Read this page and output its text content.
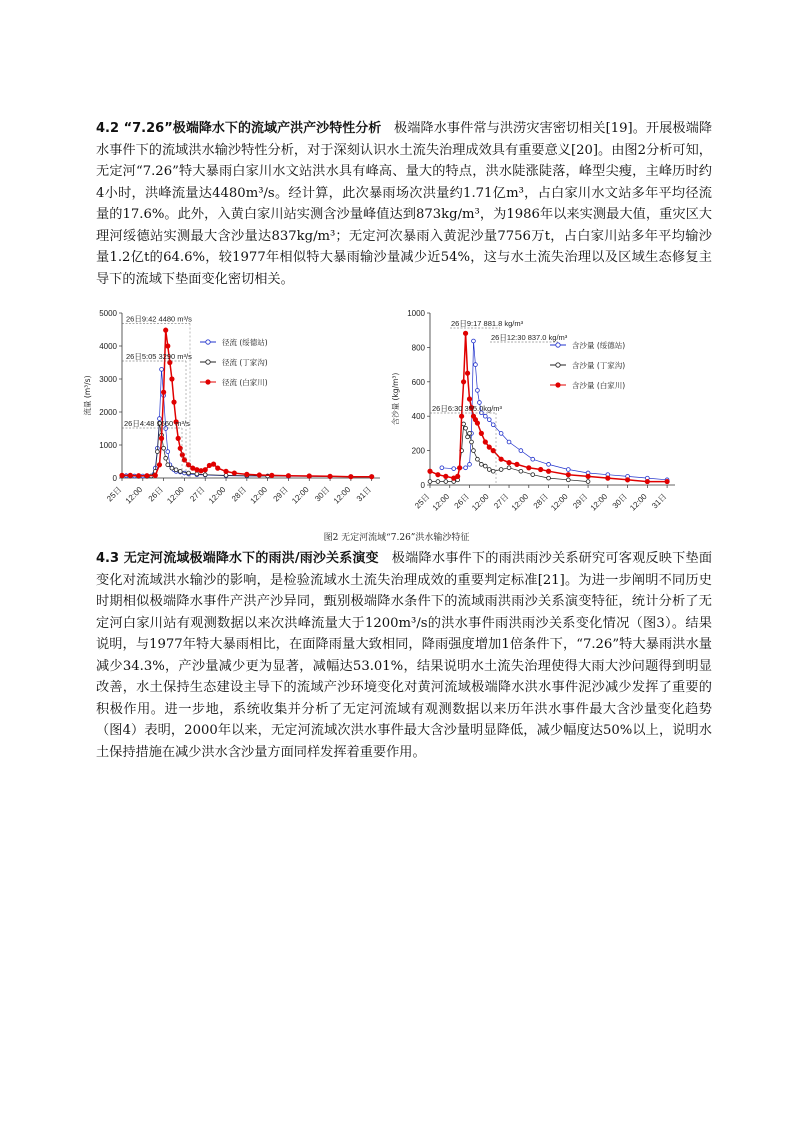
4.2 “7.26”极端降水下的流域产洪产沙特性分析 极端降水事件常与洪涝灾害密切相关[19]。开展极端降水事件下的流域洪水输沙特性分析，对于深刻认识水土流失治理成效具有重要意义[20]。由图2分析可知，无定河“7.26”特大暴雨白家川水文站洪水具有峰高、量大的特点，洪水陡涨陡落，峰型尖瘦，主峰历时约4小时，洪峰流量达4480m³/s。经计算，此次暴雨场次洪量约1.71亿m³，占白家川水文站多年平均径流量的17.6%。此外，入黄白家川站实测含沙量峰值达到873kg/m³，为1986年以来实测最大值，重灾区大理河绥德站实测最大含沙量达837kg/m³；无定河次暴雨入黄泥沙量7756万t，占白家川站多年平均输沙量1.2亿t的64.6%，较1977年相似特大暴雨输沙量减少近54%，这与水土流失治理以及区域生态修复主导下的流域下垫面变化密切相关。

0
1000
2000
3000
4000
5000
流量 (m³/s)
25日 12:00 26日 12:00 27日 12:00 28日 12:00 29日 12:00 30日 12:00 31日
径流 (绥德站)
径流 (丁家沟)
径流 (白家川)
26日9:42 4480 m³/s
26日5:05 3290 m³/s
26日4:48 1660 m³/s
0
200
400
600
800
1000
含沙量 (kg/m³)
25日 12:00 26日 12:00 27日 12:00 28日 12:00 29日 12:00 30日 12:00 31日
含沙量 (绥德站)
含沙量 (丁家沟)
含沙量 (白家川)
26日9:17 881.8 kg/m³
26日12:30 837.0 kg/m³
26日6:30 355.0kg/m³
图2 无定河流域“7.26”洪水输沙特征

4.3 无定河流域极端降水下的雨洪/雨沙关系演变 极端降水事件下的雨洪雨沙关系研究可客观反映下垫面变化对流域洪水输沙的影响，是检验流域水土流失治理成效的重要判定标准[21]。为进一步阐明不同历史时期相似极端降水事件产洪产沙异同，甄别极端降水条件下的流域雨洪雨沙关系演变特征，统计分析了无定河白家川站有观测数据以来次洪峰流量大于1200m³/s的洪水事件雨洪雨沙关系变化情况（图3）。结果说明，与1977年特大暴雨相比，在面降雨量大致相同，降雨强度增加1倍条件下，“7.26”特大暴雨洪水量减少34.3%，产沙量减少更为显著，减幅达53.01%，结果说明水土流失治理使得大雨大沙问题得到明显改善，水土保持生态建设主导下的流域产沙环境变化对黄河流域极端降水洪水事件泥沙减少发挥了重要的积极作用。进一步地，系统收集并分析了无定河流域有观测数据以来历年洪水事件最大含沙量变化趋势（图4）表明，2000年以来，无定河流域次洪水事件最大含沙量明显降低，减少幅度达50%以上，说明水土保持措施在减少洪水含沙量方面同样发挥着重要作用。
